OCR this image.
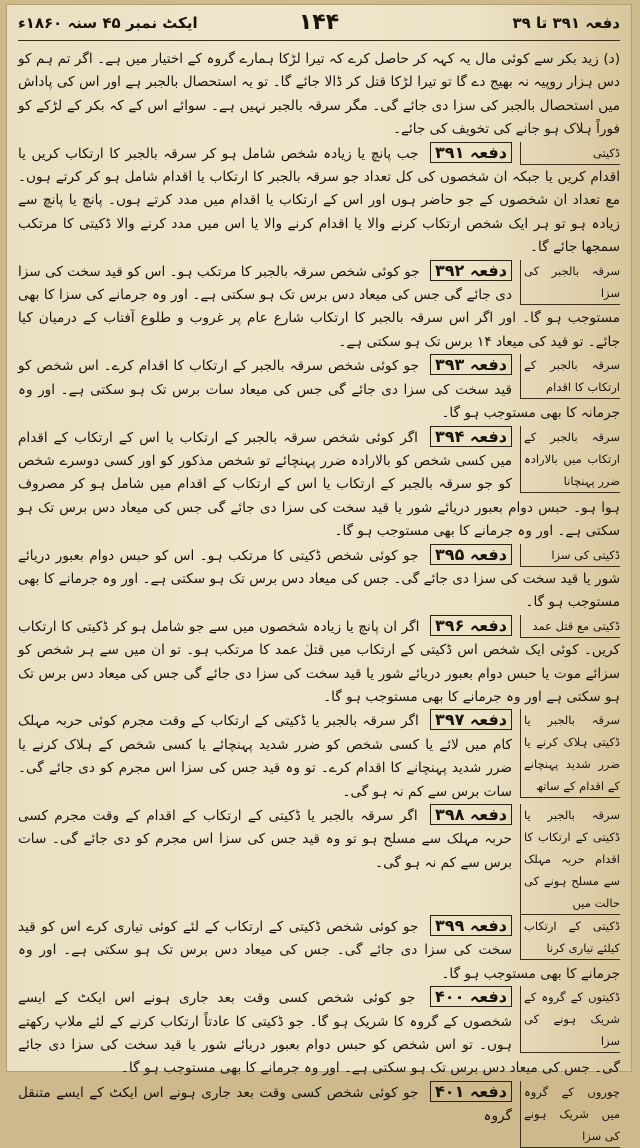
دفعہ ۳۹۱ تا ۳۹
۱۴۴
ایکٹ نمبر ۴۵ سنہ ۱۸۶۰ء

(د) زید بکر سے کوئی مال یہ کہہ کر حاصل کرے کہ تیرا لڑکا ہمارے گروہ کے اختیار میں ہے۔ اگر تم ہم کو دس ہزار روپیہ نہ بھیج دے گا تو تیرا لڑکا قتل کر ڈالا جائے گا۔ تو یہ استحصال بالجبر ہے اور اس کی پاداش میں استحصال بالجبر کی سزا دی جائے گی۔ مگر سرقہ بالجبر نہیں ہے۔ سوائے اس کے کہ بکر کے لڑکے کو فوراً ہلاک ہو جانے کی تخویف کی جائے۔

ڈکیتی
دفعہ ۳۹۱ جب پانچ یا زیادہ شخص شامل ہو کر سرقہ بالجبر کا ارتکاب کریں یا اقدام کریں یا جبکہ ان شخصوں کی کل تعداد جو سرقہ بالجبر کا ارتکاب یا اقدام شامل ہو کر کرتے ہوں۔ مع تعداد ان شخصوں کے جو حاضر ہوں اور اس کے ارتکاب یا اقدام میں مدد کرتے ہوں۔ پانچ یا پانچ سے زیادہ ہو تو ہر ایک شخص ارتکاب کرنے والا یا اقدام کرنے والا یا اس میں مدد کرنے والا ڈکیتی کا مرتکب سمجھا جائے گا۔
سرقہ بالجبر کی سزا
دفعہ ۳۹۲ جو کوئی شخص سرقہ بالجبر کا مرتکب ہو۔ اس کو قید سخت کی سزا دی جائے گی جس کی میعاد دس برس تک ہو سکتی ہے۔ اور وہ جرمانے کی سزا کا بھی مستوجب ہو گا۔ اور اگر اس سرقہ بالجبر کا ارتکاب شارع عام پر غروب و طلوع آفتاب کے درمیان کیا جائے۔ تو قید کی میعاد ۱۴ برس تک ہو سکتی ہے۔
سرقہ بالجبر کے ارتکاب کا اقدام
دفعہ ۳۹۳ جو کوئی شخص سرقہ بالجبر کے ارتکاب کا اقدام کرے۔ اس شخص کو قید سخت کی سزا دی جائے گی جس کی میعاد سات برس تک ہو سکتی ہے۔ اور وہ جرمانہ کا بھی مستوجب ہو گا۔
سرقہ بالجبر کے ارتکاب میں بالارادہ ضرر پہنچانا
دفعہ ۳۹۴ اگر کوئی شخص سرقہ بالجبر کے ارتکاب یا اس کے ارتکاب کے اقدام میں کسی شخص کو بالارادہ ضرر پہنچائے تو شخص مذکور کو اور کسی دوسرے شخص کو جو سرقہ بالجبر کے ارتکاب یا اس کے ارتکاب کے اقدام میں شامل ہو کر مصروف ہوا ہو۔ حبس دوام بعبور دریائے شور یا قید سخت کی سزا دی جائے گی جس کی میعاد دس برس تک ہو سکتی ہے۔ اور وہ جرمانے کا بھی مستوجب ہو گا۔
ڈکیتی کی سزا
دفعہ ۳۹۵ جو کوئی شخص ڈکیتی کا مرتکب ہو۔ اس کو حبس دوام بعبور دریائے شور یا قید سخت کی سزا دی جائے گی۔ جس کی میعاد دس برس تک ہو سکتی ہے۔ اور وہ جرمانے کا بھی مستوجب ہو گا۔
ڈکیتی مع قتل عمد
دفعہ ۳۹۶ اگر ان پانچ یا زیادہ شخصوں میں سے جو شامل ہو کر ڈکیتی کا ارتکاب کریں۔ کوئی ایک شخص اس ڈکیتی کے ارتکاب میں قتل عمد کا مرتکب ہو۔ تو ان میں سے ہر شخص کو سزائے موت یا حبس دوام بعبور دریائے شور یا قید سخت کی سزا دی جائے گی جس کی میعاد دس برس تک ہو سکتی ہے اور وہ جرمانے کا بھی مستوجب ہو گا۔
سرقہ بالجبر یا ڈکیتی ہلاک کرنے یا ضرر شدید پہنچانے کے اقدام کے ساتھ
دفعہ ۳۹۷ اگر سرقہ بالجبر یا ڈکیتی کے ارتکاب کے وقت مجرم کوئی حربہ مہلک کام میں لائے یا کسی شخص کو ضرر شدید پہنچائے یا کسی شخص کے ہلاک کرنے یا ضرر شدید پہنچانے کا اقدام کرے۔ تو وہ قید جس کی سزا اس مجرم کو دی جائے گی۔ سات برس سے کم نہ ہو گی۔
سرقہ بالجبر یا ڈکیتی کے ارتکاب کا اقدام حربہ مہلک سے مسلح ہونے کی حالت میں
دفعہ ۳۹۸ اگر سرقہ بالجبر یا ڈکیتی کے ارتکاب کے اقدام کے وقت مجرم کسی حربہ مہلک سے مسلح ہو تو وہ قید جس کی سزا اس مجرم کو دی جائے گی۔ سات برس سے کم نہ ہو گی۔
ڈکیتی کے ارتکاب کیلئے تیاری کرنا
دفعہ ۳۹۹ جو کوئی شخص ڈکیتی کے ارتکاب کے لئے کوئی تیاری کرے اس کو قید سخت کی سزا دی جائے گی۔ جس کی میعاد دس برس تک ہو سکتی ہے۔ اور وہ جرمانے کا بھی مستوجب ہو گا۔
ڈکیتوں کے گروہ کے شریک ہونے کی سزا
دفعہ ۴۰۰ جو کوئی شخص کسی وقت بعد جاری ہونے اس ایکٹ کے ایسے شخصوں کے گروہ کا شریک ہو گا۔ جو ڈکیتی کا عادتاً ارتکاب کرنے کے لئے ملاپ رکھتے ہوں۔ تو اس شخص کو حبس دوام بعبور دریائے شور یا قید سخت کی سزا دی جائے گی۔ جس کی میعاد دس برس تک ہو سکتی ہے۔ اور وہ جرمانے کا بھی مستوجب ہو گا۔
چوروں کے گروہ میں شریک ہونے کی سزا
دفعہ ۴۰۱ جو کوئی شخص کسی وقت بعد جاری ہونے اس ایکٹ کے ایسے متنقل گروہ
